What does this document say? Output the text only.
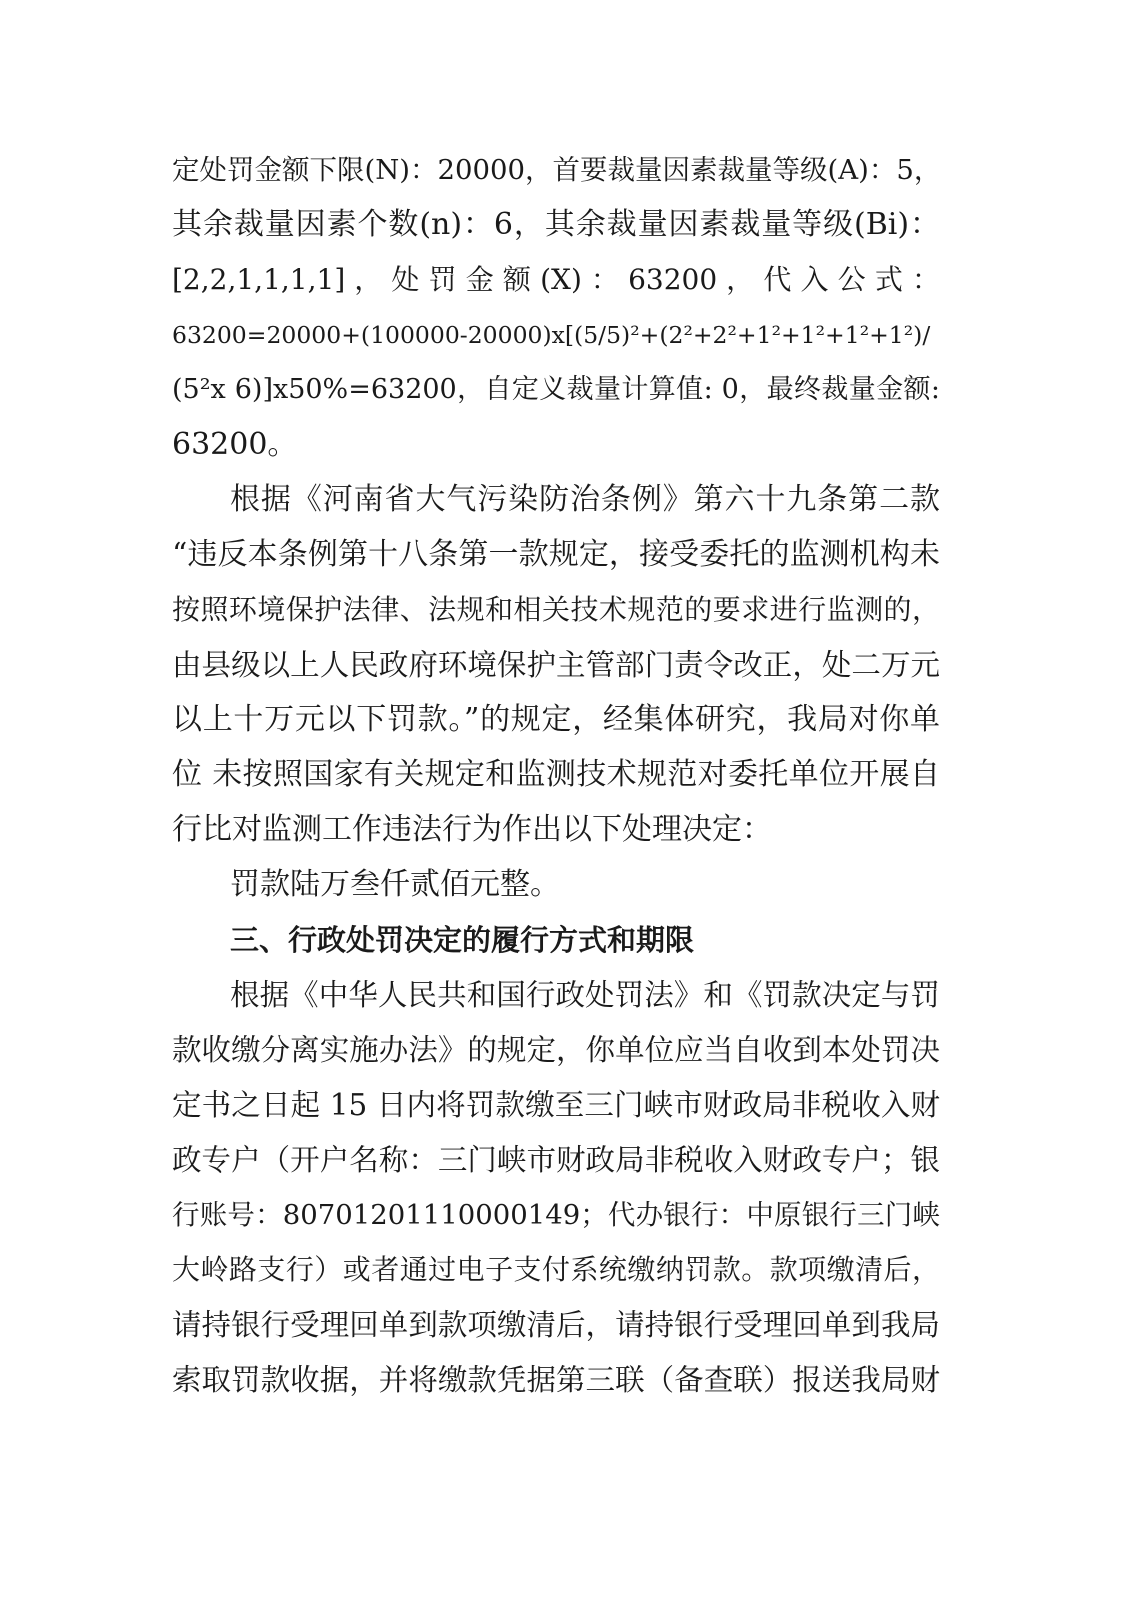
定处罚金额下限(N)：20000，首要裁量因素裁量等级(A)：5，
其余裁量因素个数(n)：6，其余裁量因素裁量等级(Bi)：
[2,2,1,1,1,1] ， 处 罚 金 额 (X) ： 63200 ， 代 入 公 式 ：
63200=20000+(100000-20000)x[(5/5)²+(2²+2²+1²+1²+1²+1²)/
(5²x 6)]x50%=63200，自定义裁量计算值: 0，最终裁量金额:
63200。
根据《河南省大气污染防治条例》第六十九条第二款
“违反本条例第十八条第一款规定，接受委托的监测机构未
按照环境保护法律、法规和相关技术规范的要求进行监测的，
由县级以上人民政府环境保护主管部门责令改正，处二万元
以上十万元以下罚款。”的规定，经集体研究，我局对你单
位 未按照国家有关规定和监测技术规范对委托单位开展自
行比对监测工作违法行为作出以下处理决定：
罚款陆万叁仟贰佰元整。
三、行政处罚决定的履行方式和期限
根据《中华人民共和国行政处罚法》和《罚款决定与罚
款收缴分离实施办法》的规定，你单位应当自收到本处罚决
定书之日起 15 日内将罚款缴至三门峡市财政局非税收入财
政专户（开户名称：三门峡市财政局非税收入财政专户；银
行账号：80701201110000149；代办银行：中原银行三门峡
大岭路支行）或者通过电子支付系统缴纳罚款。款项缴清后，
请持银行受理回单到款项缴清后，请持银行受理回单到我局
索取罚款收据，并将缴款凭据第三联（备查联）报送我局财
